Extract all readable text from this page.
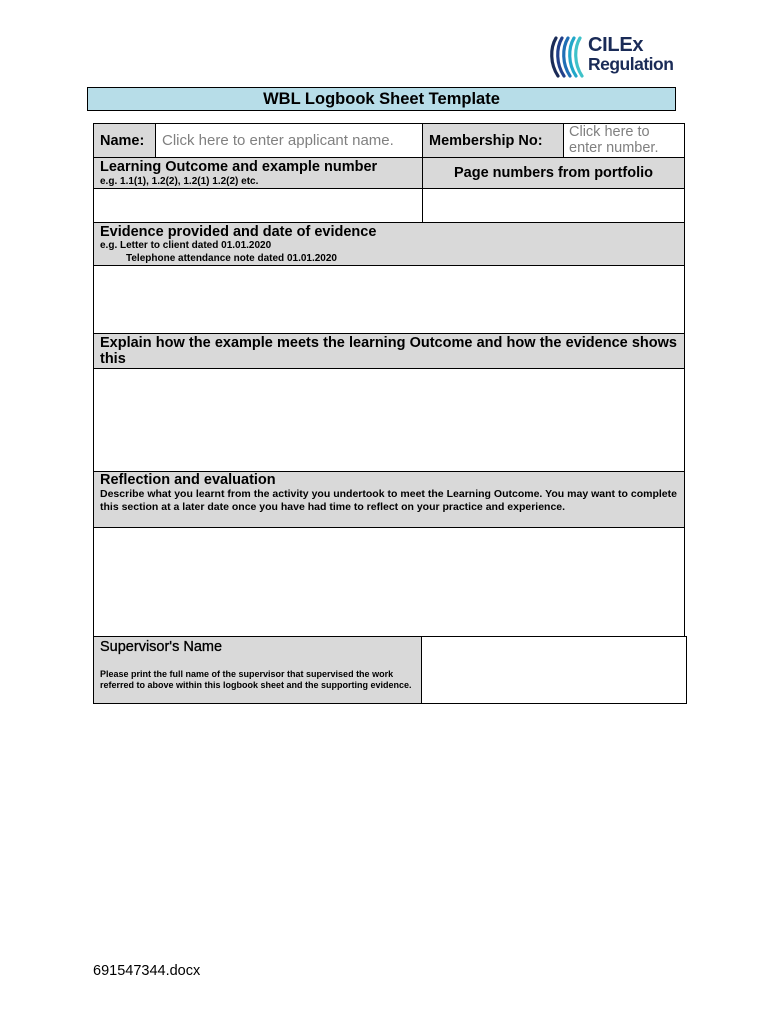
CILEx
Regulation
WBL Logbook Sheet Template
Name: Click here to enter applicant name. Membership No:
Click here to
enter number.
Learning Outcome and example number
e.g. 1.1(1), 1.2(2), 1.2(1) 1.2(2) etc.
Page numbers from portfolio
Evidence provided and date of evidence
e.g. Letter to client dated 01.01.2020
Telephone attendance note dated 01.01.2020
Explain how the example meets the learning Outcome and how the evidence shows this
Reflection and evaluation
Describe what you learnt from the activity you undertook to meet the Learning Outcome. You may want to complete this section at a later date once you have had time to reflect on your practice and experience.
Supervisor's Name
Please print the full name of the supervisor that supervised the work referred to above within this logbook sheet and the supporting evidence.
691547344.docx
